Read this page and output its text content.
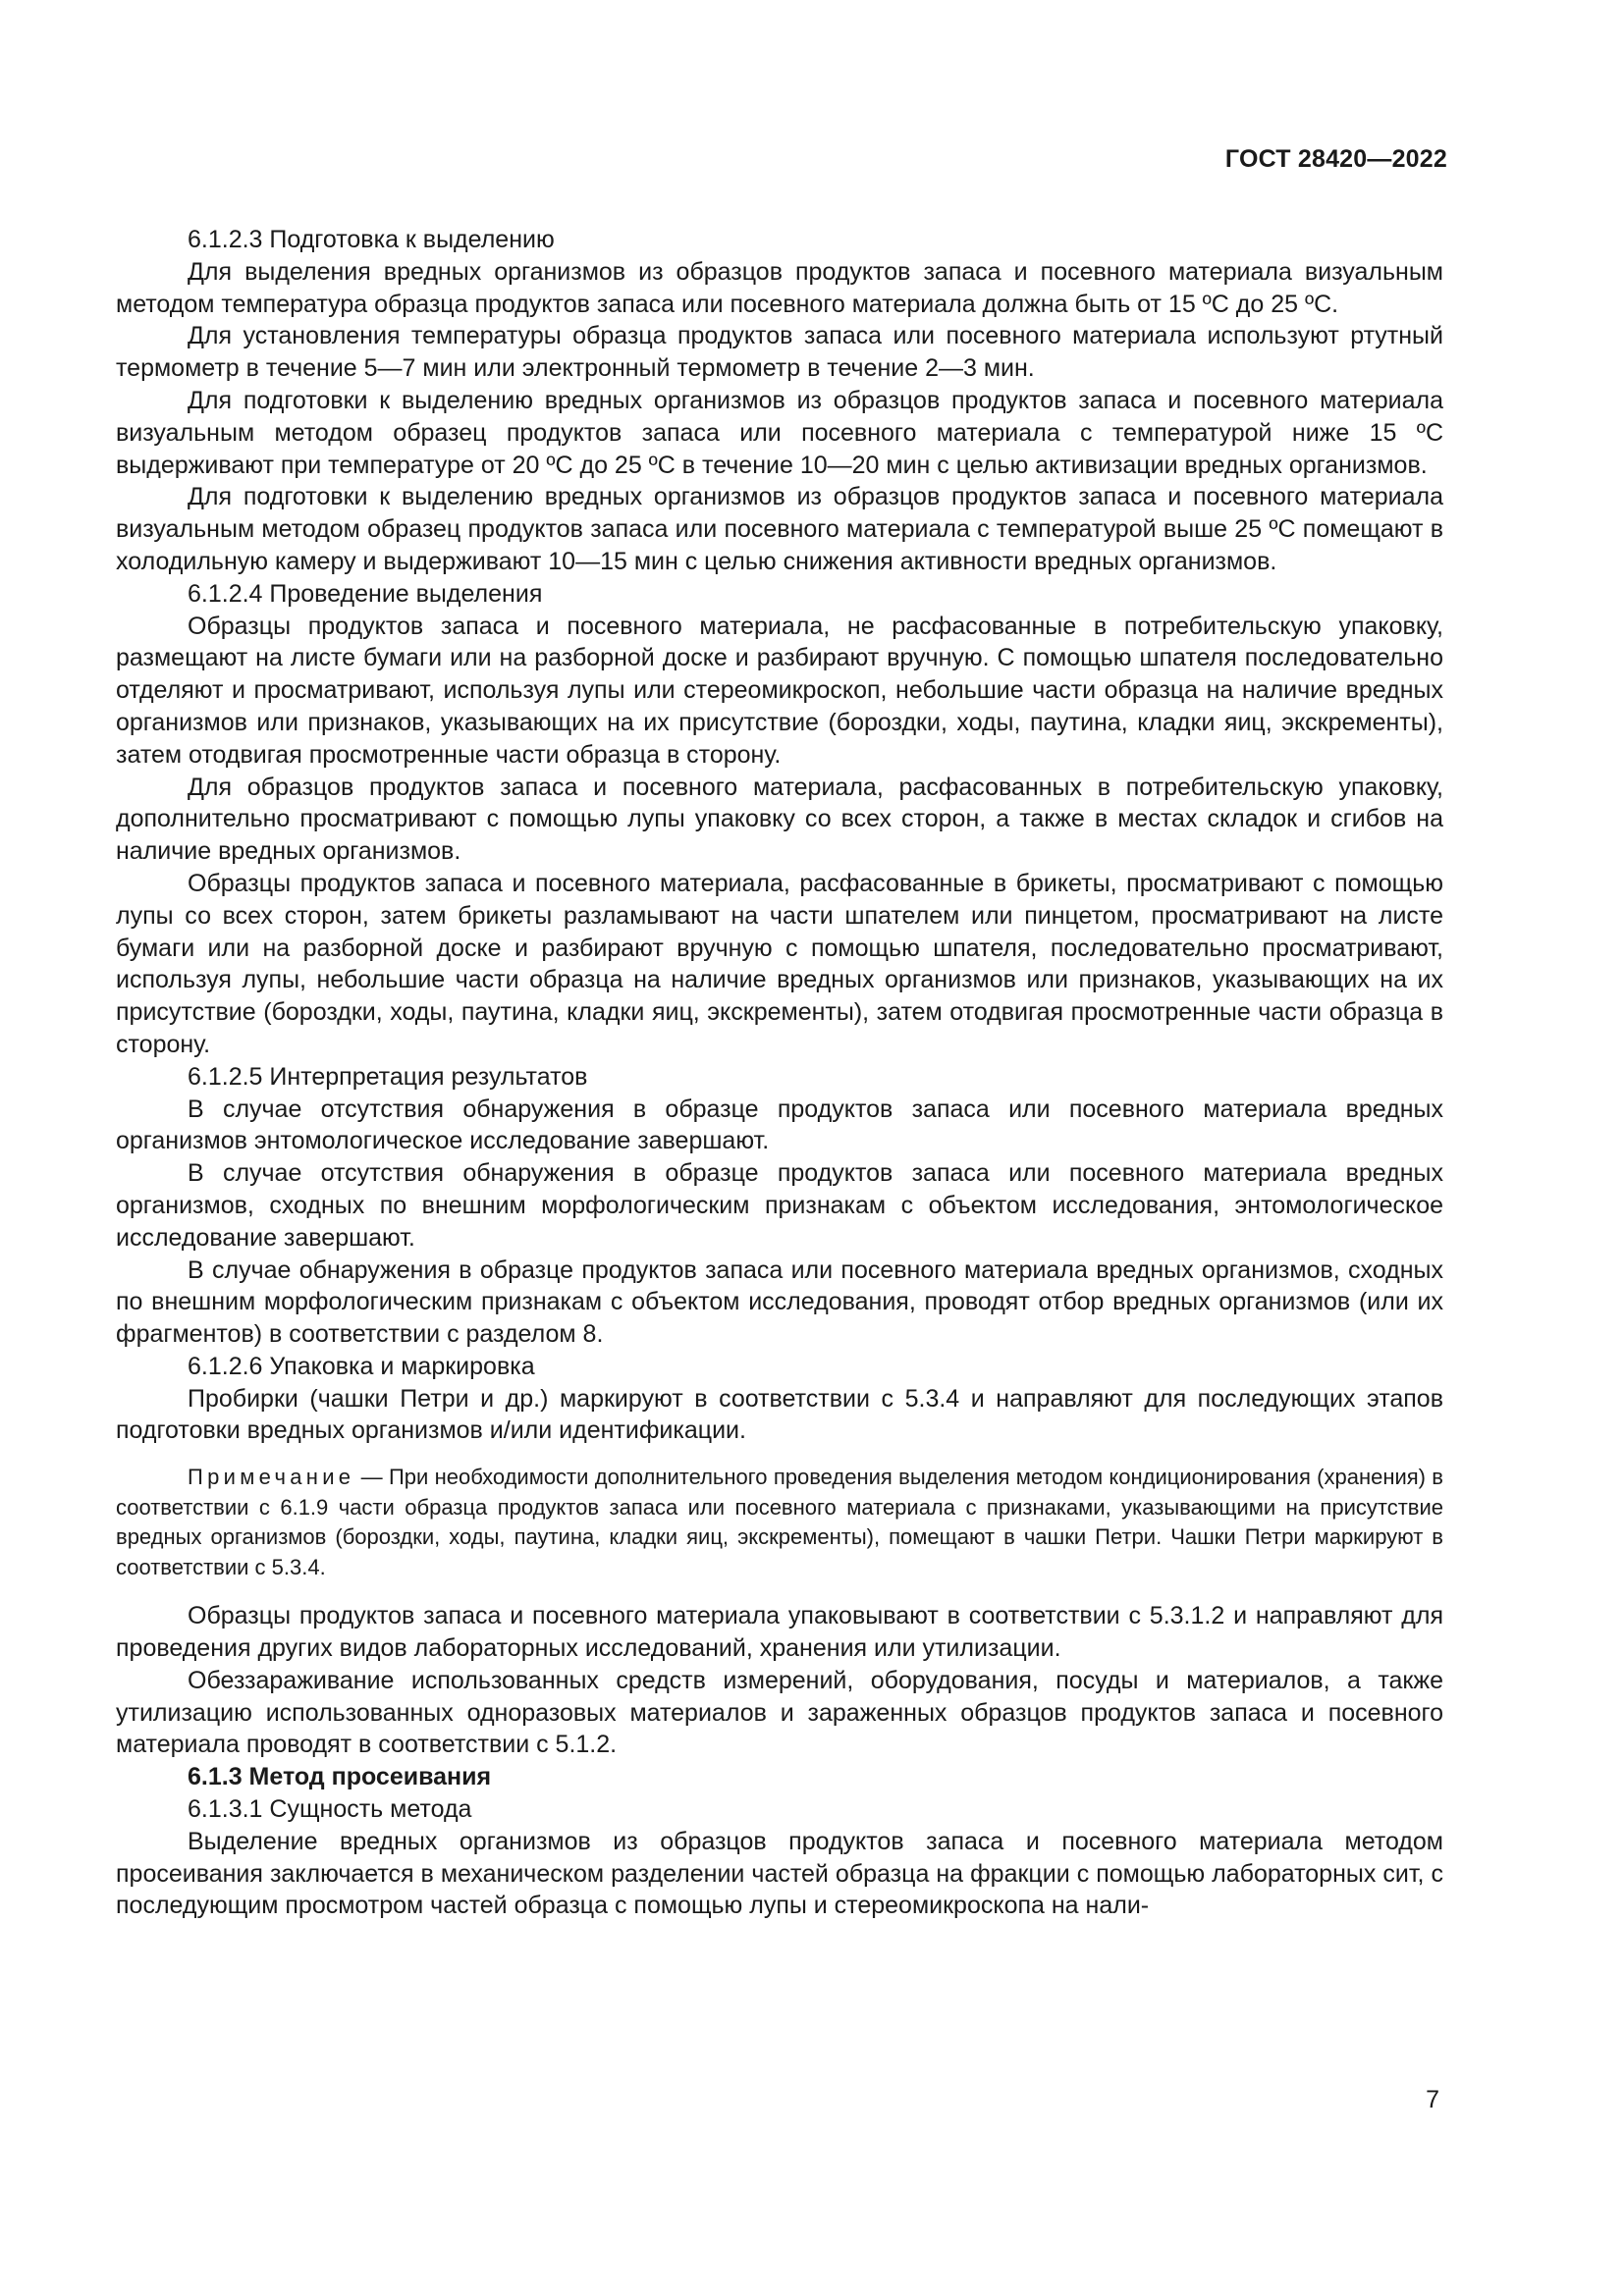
ГОСТ 28420—2022

6.1.2.3 Подготовка к выделению

Для выделения вредных организмов из образцов продуктов запаса и посевного материала визуальным методом температура образца продуктов запаса или посевного материала должна быть от 15 ºС до 25 ºС.

Для установления температуры образца продуктов запаса или посевного материала используют ртутный термометр в течение 5—7 мин или электронный термометр в течение 2—3 мин.

Для подготовки к выделению вредных организмов из образцов продуктов запаса и посевного материала визуальным методом образец продуктов запаса или посевного материала с температурой ниже 15 ºС выдерживают при температуре от 20 ºС до 25 ºС в течение 10—20 мин с целью активизации вредных организмов.

Для подготовки к выделению вредных организмов из образцов продуктов запаса и посевного материала визуальным методом образец продуктов запаса или посевного материала с температурой выше 25 ºС помещают в холодильную камеру и выдерживают 10—15 мин с целью снижения активности вредных организмов.

6.1.2.4 Проведение выделения

Образцы продуктов запаса и посевного материала, не расфасованные в потребительскую упаковку, размещают на листе бумаги или на разборной доске и разбирают вручную. С помощью шпателя последовательно отделяют и просматривают, используя лупы или стереомикроскоп, небольшие части образца на наличие вредных организмов или признаков, указывающих на их присутствие (бороздки, ходы, паутина, кладки яиц, экскременты), затем отодвигая просмотренные части образца в сторону.

Для образцов продуктов запаса и посевного материала, расфасованных в потребительскую упаковку, дополнительно просматривают с помощью лупы упаковку со всех сторон, а также в местах складок и сгибов на наличие вредных организмов.

Образцы продуктов запаса и посевного материала, расфасованные в брикеты, просматривают с помощью лупы со всех сторон, затем брикеты разламывают на части шпателем или пинцетом, просматривают на листе бумаги или на разборной доске и разбирают вручную с помощью шпателя, последовательно просматривают, используя лупы, небольшие части образца на наличие вредных организмов или признаков, указывающих на их присутствие (бороздки, ходы, паутина, кладки яиц, экскременты), затем отодвигая просмотренные части образца в сторону.

6.1.2.5 Интерпретация результатов

В случае отсутствия обнаружения в образце продуктов запаса или посевного материала вредных организмов энтомологическое исследование завершают.

В случае отсутствия обнаружения в образце продуктов запаса или посевного материала вредных организмов, сходных по внешним морфологическим признакам с объектом исследования, энтомологическое исследование завершают.

В случае обнаружения в образце продуктов запаса или посевного материала вредных организмов, сходных по внешним морфологическим признакам с объектом исследования, проводят отбор вредных организмов (или их фрагментов) в соответствии с разделом 8.

6.1.2.6 Упаковка и маркировка

Пробирки (чашки Петри и др.) маркируют в соответствии с 5.3.4 и направляют для последующих этапов подготовки вредных организмов и/или идентификации.

Примечание — При необходимости дополнительного проведения выделения методом кондиционирования (хранения) в соответствии с 6.1.9 части образца продуктов запаса или посевного материала с признаками, указывающими на присутствие вредных организмов (бороздки, ходы, паутина, кладки яиц, экскременты), помещают в чашки Петри. Чашки Петри маркируют в соответствии с 5.3.4.

Образцы продуктов запаса и посевного материала упаковывают в соответствии с 5.3.1.2 и направляют для проведения других видов лабораторных исследований, хранения или утилизации.

Обеззараживание использованных средств измерений, оборудования, посуды и материалов, а также утилизацию использованных одноразовых материалов и зараженных образцов продуктов запаса и посевного материала проводят в соответствии с 5.1.2.

6.1.3 Метод просеивания

6.1.3.1 Сущность метода

Выделение вредных организмов из образцов продуктов запаса и посевного материала методом просеивания заключается в механическом разделении частей образца на фракции с помощью лабораторных сит, с последующим просмотром частей образца с помощью лупы и стереомикроскопа на нали-

7
